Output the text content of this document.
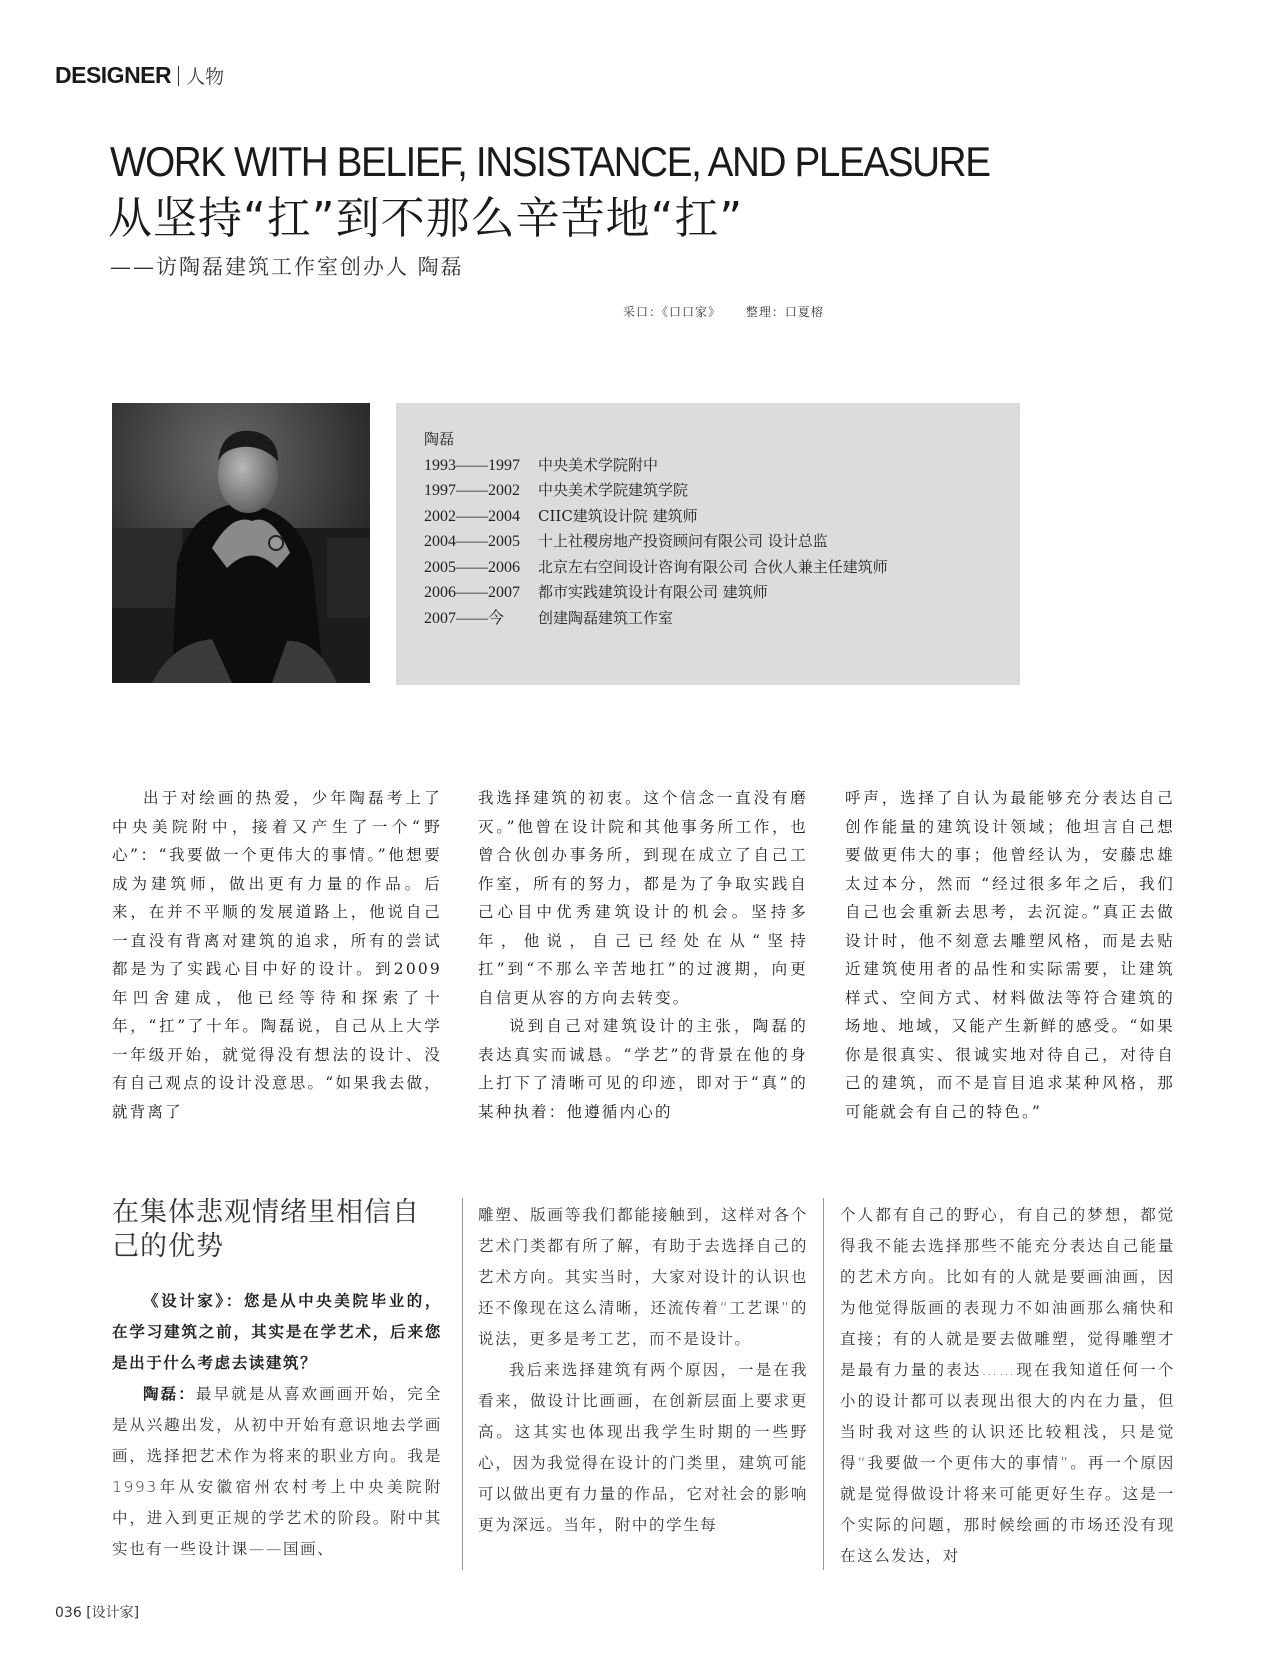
DESIGNER 人物
WORK WITH BELIEF, INSISTANCE, AND PLEASURE
从坚持“扛”到不那么辛苦地“扛”
——访陶磊建筑工作室创办人 陶磊
采口：《口口家》 整理：口夏榕
陶磊
1993——1997	中央美术学院附中
1997——2002	中央美术学院建筑学院
2002——2004	CIIC建筑设计院 建筑师
2004——2005	十上社稷房地产投资顾问有限公司 设计总监
2005——2006	北京左右空间设计咨询有限公司 合伙人兼主任建筑师
2006——2007	都市实践建筑设计有限公司 建筑师
2007——今	创建陶磊建筑工作室

出于对绘画的热爱，少年陶磊考上了中央美院附中，接着又产生了一个“野心”：“我要做一个更伟大的事情。”他想要成为建筑师，做出更有力量的作品。后来，在并不平顺的发展道路上，他说自己一直没有背离对建筑的追求，所有的尝试都是为了实践心目中好的设计。到2009年凹舍建成，他已经等待和探索了十年，“扛”了十年。陶磊说，自己从上大学一年级开始，就觉得没有想法的设计、没有自己观点的设计没意思。“如果我去做，就背离了

我选择建筑的初衷。这个信念一直没有磨灭。”他曾在设计院和其他事务所工作，也曾合伙创办事务所，到现在成立了自己工作室，所有的努力，都是为了争取实践自己心目中优秀建筑设计的机会。坚持多年，他说，自己已经处在从“坚持扛”到“不那么辛苦地扛”的过渡期，向更自信更从容的方向去转变。

说到自己对建筑设计的主张，陶磊的表达真实而诚恳。“学艺”的背景在他的身上打下了清晰可见的印迹，即对于“真”的某种执着：他遵循内心的

呼声，选择了自认为最能够充分表达自己创作能量的建筑设计领域；他坦言自己想要做更伟大的事；他曾经认为，安藤忠雄太过本分，然而 “经过很多年之后，我们自己也会重新去思考，去沉淀。”真正去做设计时，他不刻意去雕塑风格，而是去贴近建筑使用者的品性和实际需要，让建筑样式、空间方式、材料做法等符合建筑的场地、地域，又能产生新鲜的感受。“如果你是很真实、很诚实地对待自己，对待自己的建筑，而不是盲目追求某种风格，那可能就会有自己的特色。”

在集体悲观情绪里相信自己的优势

《设计家》：您是从中央美院毕业的，在学习建筑之前，其实是在学艺术，后来您是出于什么考虑去读建筑？

陶磊：最早就是从喜欢画画开始，完全是从兴趣出发，从初中开始有意识地去学画画，选择把艺术作为将来的职业方向。我是1993年从安徽宿州农村考上中央美院附中，进入到更正规的学艺术的阶段。附中其实也有一些设计课——国画、

雕塑、版画等我们都能接触到，这样对各个艺术门类都有所了解，有助于去选择自己的艺术方向。其实当时，大家对设计的认识也还不像现在这么清晰，还流传着“工艺课”的说法，更多是考工艺，而不是设计。

我后来选择建筑有两个原因，一是在我看来，做设计比画画，在创新层面上要求更高。这其实也体现出我学生时期的一些野心，因为我觉得在设计的门类里，建筑可能可以做出更有力量的作品，它对社会的影响更为深远。当年，附中的学生每

个人都有自己的野心，有自己的梦想，都觉得我不能去选择那些不能充分表达自己能量的艺术方向。比如有的人就是要画油画，因为他觉得版画的表现力不如油画那么痛快和直接；有的人就是要去做雕塑，觉得雕塑才是最有力量的表达……现在我知道任何一个小的设计都可以表现出很大的内在力量，但当时我对这些的认识还比较粗浅，只是觉得“我要做一个更伟大的事情”。再一个原因就是觉得做设计将来可能更好生存。这是一个实际的问题，那时候绘画的市场还没有现在这么发达，对

036 [设计家]
